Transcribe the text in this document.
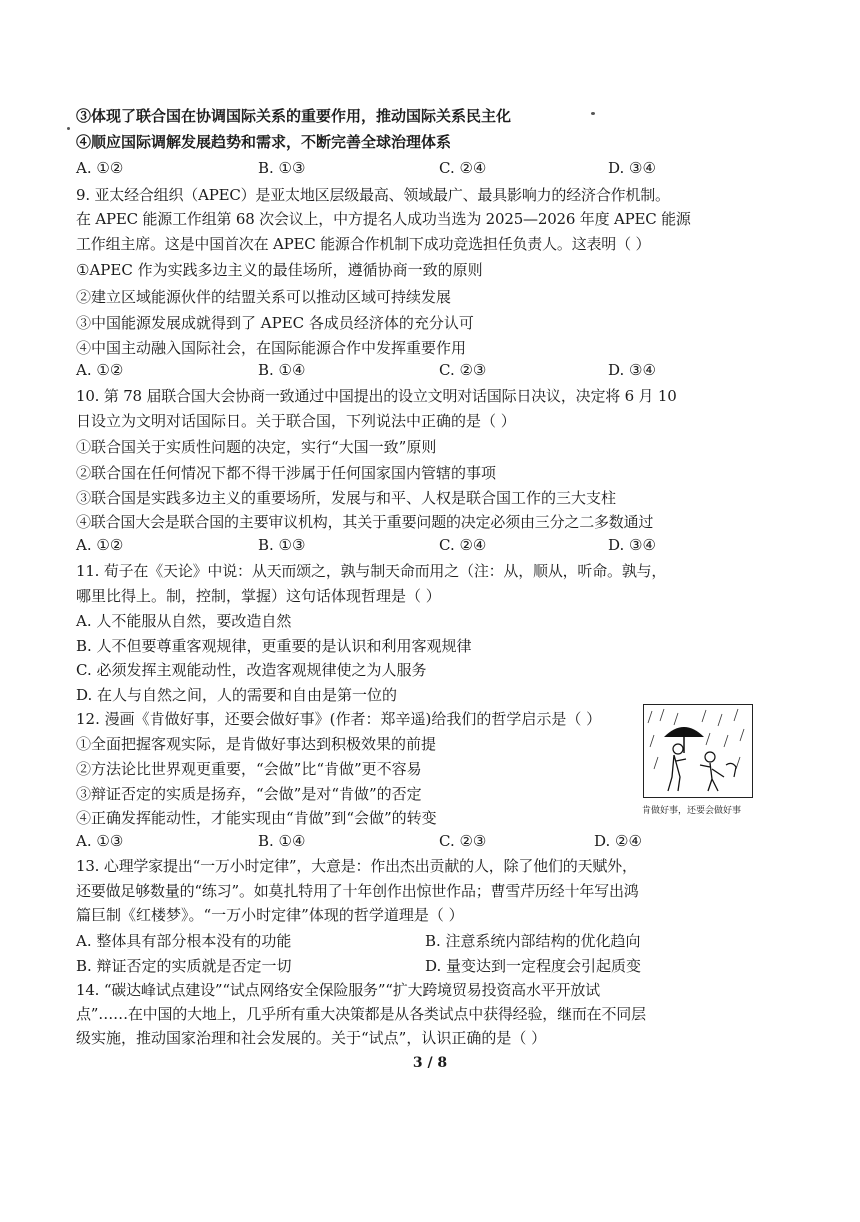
③体现了联合国在协调国际关系的重要作用，推动国际关系民主化
④顺应国际调解发展趋势和需求，不断完善全球治理体系
A. ①②	B. ①③	C. ②④	D. ③④
9. 亚太经合组织（APEC）是亚太地区层级最高、领域最广、最具影响力的经济合作机制。
在 APEC 能源工作组第 68 次会议上，中方提名人成功当选为 2025—2026 年度 APEC 能源
工作组主席。这是中国首次在 APEC 能源合作机制下成功竞选担任负责人。这表明（ ）
①APEC 作为实践多边主义的最佳场所，遵循协商一致的原则
②建立区域能源伙伴的结盟关系可以推动区域可持续发展
③中国能源发展成就得到了 APEC 各成员经济体的充分认可
④中国主动融入国际社会，在国际能源合作中发挥重要作用
A. ①②	B. ①④	C. ②③	D. ③④
10. 第 78 届联合国大会协商一致通过中国提出的设立文明对话国际日决议，决定将 6 月 10
日设立为文明对话国际日。关于联合国，下列说法中正确的是（ ）
①联合国关于实质性问题的决定，实行“大国一致”原则
②联合国在任何情况下都不得干涉属于任何国家国内管辖的事项
③联合国是实践多边主义的重要场所，发展与和平、人权是联合国工作的三大支柱
④联合国大会是联合国的主要审议机构，其关于重要问题的决定必须由三分之二多数通过
A. ①②	B. ①③	C. ②④	D. ③④
11. 荀子在《天论》中说：从天而颂之，孰与制天命而用之（注：从，顺从，听命。孰与，
哪里比得上。制，控制，掌握）这句话体现哲理是（ ）
A. 人不能服从自然，要改造自然
B. 人不但要尊重客观规律，更重要的是认识和利用客观规律
C. 必须发挥主观能动性，改造客观规律使之为人服务
D. 在人与自然之间，人的需要和自由是第一位的
12. 漫画《肯做好事，还要会做好事》(作者：郑辛遥)给我们的哲学启示是（ ）
①全面把握客观实际，是肯做好事达到积极效果的前提
②方法论比世界观更重要，“会做”比“肯做”更不容易
③辩证否定的实质是扬弃，“会做”是对“肯做”的否定
④正确发挥能动性，才能实现由“肯做”到“会做”的转变	肯做好事，还要会做好事
A. ①③	B. ①④	C. ②③	D. ②④
13. 心理学家提出“一万小时定律”，大意是：作出杰出贡献的人，除了他们的天赋外，
还要做足够数量的“练习”。如莫扎特用了十年创作出惊世作品；曹雪芹历经十年写出鸿
篇巨制《红楼梦》。“一万小时定律”体现的哲学道理是（ ）
A. 整体具有部分根本没有的功能	B. 注意系统内部结构的优化趋向
B. 辩证否定的实质就是否定一切	D. 量变达到一定程度会引起质变
14. “碳达峰试点建设”“试点网络安全保险服务”“扩大跨境贸易投资高水平开放试
点”……在中国的大地上，几乎所有重大决策都是从各类试点中获得经验，继而在不同层
级实施，推动国家治理和社会发展的。关于“试点”，认识正确的是（ ）
3 / 8
